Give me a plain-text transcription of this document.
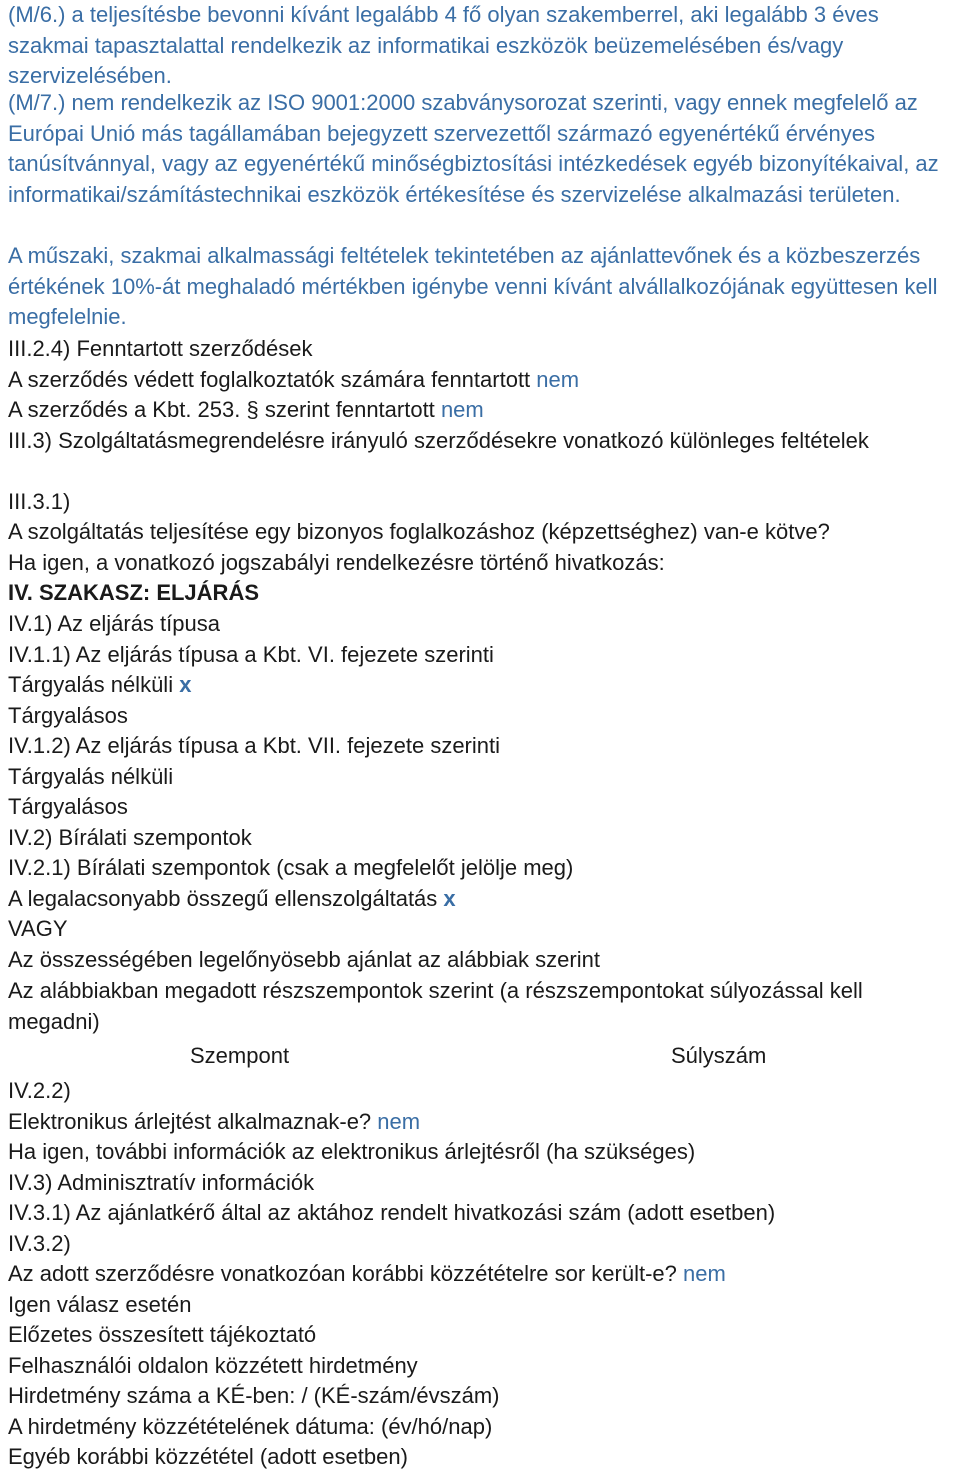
(M/6.) a teljesítésbe bevonni kívánt legalább 4 fő olyan szakemberrel, aki legalább 3 éves szakmai tapasztalattal rendelkezik az informatikai eszközök beüzemelésében és/vagy szervizelésében.

(M/7.) nem rendelkezik az ISO 9001:2000 szabványsorozat szerinti, vagy ennek megfelelő az Európai Unió más tagállamában bejegyzett szervezettől származó egyenértékű érvényes tanúsítvánnyal, vagy az egyenértékű minőségbiztosítási intézkedések egyéb bizonyítékaival, az informatikai/számítástechnikai eszközök értékesítése és szervizelése alkalmazási területen.

A műszaki, szakmai alkalmassági feltételek tekintetében az ajánlattevőnek és a közbeszerzés értékének 10%-át meghaladó mértékben igénybe venni kívánt alvállalkozójának együttesen kell megfelelnie.

III.2.4) Fenntartott szerződések

A szerződés védett foglalkoztatók számára fenntartott nem

A szerződés a Kbt. 253. § szerint fenntartott nem

III.3) Szolgáltatásmegrendelésre irányuló szerződésekre vonatkozó különleges feltételek

III.3.1)

A szolgáltatás teljesítése egy bizonyos foglalkozáshoz (képzettséghez) van-e kötve?

Ha igen, a vonatkozó jogszabályi rendelkezésre történő hivatkozás:

IV. SZAKASZ: ELJÁRÁS

IV.1) Az eljárás típusa

IV.1.1) Az eljárás típusa a Kbt. VI. fejezete szerinti

Tárgyalás nélküli x

Tárgyalásos

IV.1.2) Az eljárás típusa a Kbt. VII. fejezete szerinti

Tárgyalás nélküli

Tárgyalásos

IV.2) Bírálati szempontok

IV.2.1) Bírálati szempontok (csak a megfelelőt jelölje meg)

A legalacsonyabb összegű ellenszolgáltatás x

VAGY

Az összességében legelőnyösebb ajánlat az alábbiak szerint

Az alábbiakban megadott részszempontok szerint (a részszempontokat súlyozással kell megadni)

Szempont	Súlyszám

IV.2.2)

Elektronikus árlejtést alkalmaznak-e? nem

Ha igen, további információk az elektronikus árlejtésről (ha szükséges)

IV.3) Adminisztratív információk

IV.3.1) Az ajánlatkérő által az aktához rendelt hivatkozási szám (adott esetben)

IV.3.2)

Az adott szerződésre vonatkozóan korábbi közzétételre sor került-e? nem

Igen válasz esetén

Előzetes összesített tájékoztató

Felhasználói oldalon közzétett hirdetmény

Hirdetmény száma a KÉ-ben: / (KÉ-szám/évszám)

A hirdetmény közzétételének dátuma: (év/hó/nap)

Egyéb korábbi közzététel (adott esetben)
